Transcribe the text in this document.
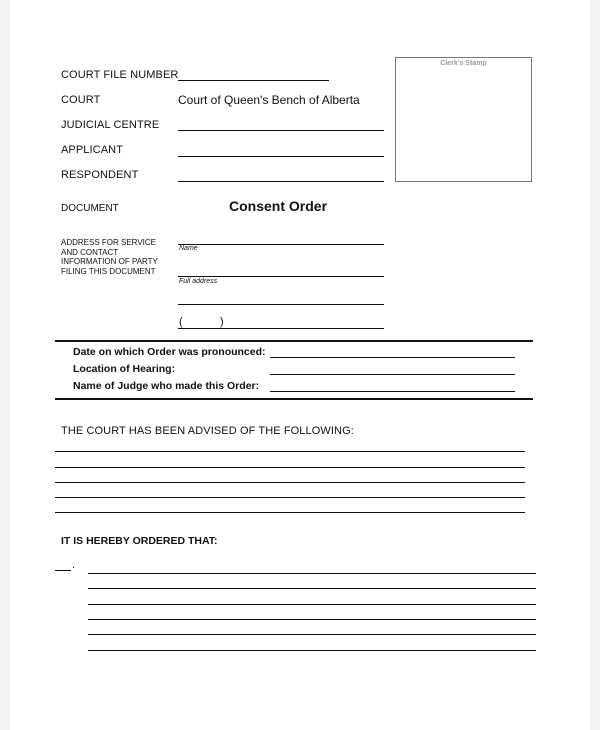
Clerk's Stamp
COURT FILE NUMBER
COURT	Court of Queen's Bench of Alberta
JUDICIAL CENTRE
APPLICANT
RESPONDENT
DOCUMENT	Consent Order
ADDRESS FOR SERVICE
AND CONTACT
INFORMATION OF PARTY
FILING THIS DOCUMENT
Name
Full address
(	)
Date on which Order was pronounced:
Location of Hearing:
Name of Judge who made this Order:
THE COURT HAS BEEN ADVISED OF THE FOLLOWING:
IT IS HEREBY ORDERED THAT:
.
